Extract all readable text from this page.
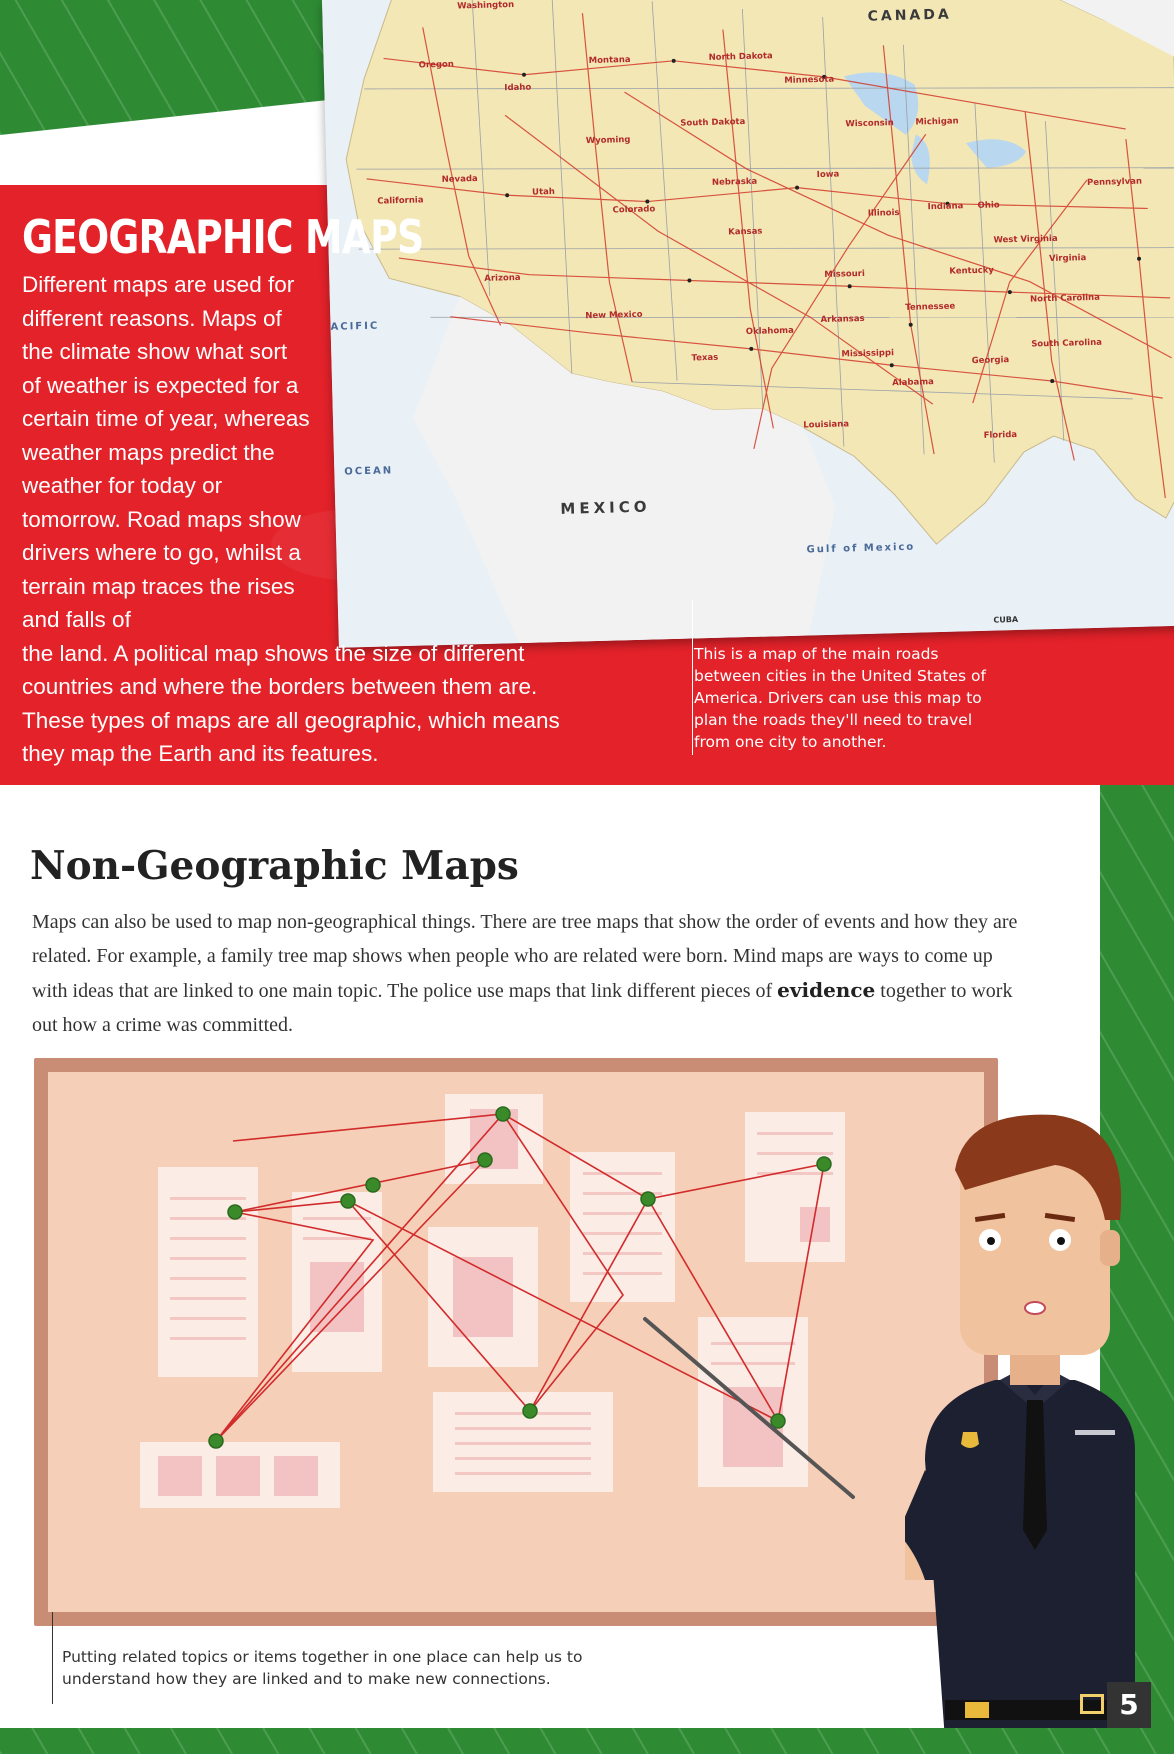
Washington
Oregon
Idaho
Montana	North Dakota
Minnesota
South Dakota
Wyoming
Wisconsin	Michigan
Nevada
California
Utah
Colorado
Nebraska
Iowa
Illinois
Indiana Ohio
Kansas
Missouri	Kentucky
Virginia
Arizona
New Mexico
Oklahoma
Arkansas
Tennessee
North Carolina
Texas	Mississippi
Alabama
Georgia
South Carolina
Louisiana
Florida
West Virginia
Pennsylvan
CANADA
MEXICO
ACIFIC
OCEAN
Gulf of Mexico
CUBA
GEOGRAPHIC MAPS

Different maps are used for different reasons. Maps of the climate show what sort of weather is expected for a certain time of year, whereas weather maps predict the weather for today or tomorrow. Road maps show drivers where to go, whilst a terrain map traces the rises and falls of
the land. A political map shows the size of different countries and where the borders between them are. These types of maps are all geographic, which means they map the Earth and its features.

This is a map of the main roads between cities in the United States of America. Drivers can use this map to plan the roads they'll need to travel from one city to another.

Non-Geographic Maps

Maps can also be used to map non-geographical things. There are tree maps that show the order of events and how they are related. For example, a family tree map shows when people who are related were born. Mind maps are ways to come up with ideas that are linked to one main topic. The police use maps that link different pieces of evidence together to work out how a crime was committed.

Putting related topics or items together in one place can help us to understand how they are linked and to make new connections.

5
